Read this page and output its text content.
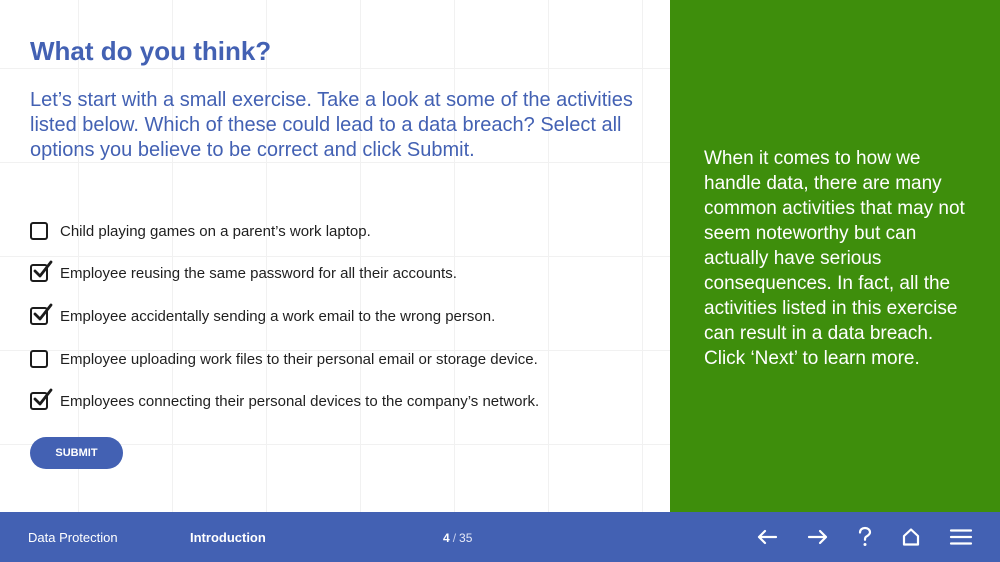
What do you think?

Let’s start with a small exercise. Take a look at some of the activities listed below. Which of these could lead to a data breach? Select all options you believe to be correct and click Submit.

Child playing games on a parent’s work laptop.
Employee reusing the same password for all their accounts.
Employee accidentally sending a work email to the wrong person.
Employee uploading work files to their personal email or storage device.
Employees connecting their personal devices to the company’s network.
SUBMIT

When it comes to how we handle data, there are many common activities that may not seem noteworthy but can actually have serious consequences. In fact, all the activities listed in this exercise can result in a data breach. Click ‘Next’ to learn more.

Data Protection	Introduction	4 / 35
